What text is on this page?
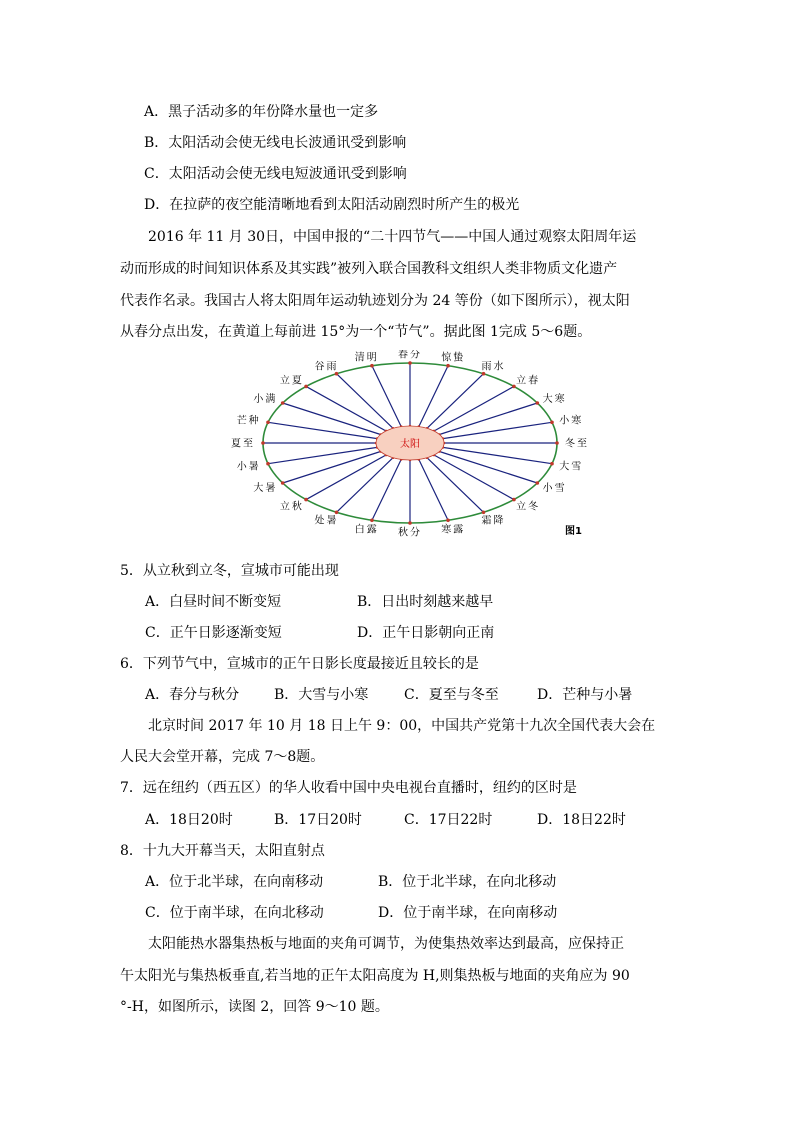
A．黑子活动多的年份降水量也一定多
B．太阳活动会使无线电长波通讯受到影响
C．太阳活动会使无线电短波通讯受到影响
D．在拉萨的夜空能清晰地看到太阳活动剧烈时所产生的极光
2016 年 11 月 30日，中国申报的“二十四节气——中国人通过观察太阳周年运
动而形成的时间知识体系及其实践”被列入联合国教科文组织人类非物质文化遗产
代表作名录。我国古人将太阳周年运动轨迹划分为 24 等份（如下图所示），视太阳
从春分点出发，在黄道上每前进 15°为一个“节气”。据此图 1完成 5～6题。
太阳
春分 惊蛰
雨水
立春
大寒
小寒
冬至
大雪
小雪
立冬
霜降
寒露
秋分
白露
处暑
立秋
大暑
小暑
夏至
芒种
小满
立夏
谷雨
清明
图1
5．从立秋到立冬，宣城市可能出现
A．白昼时间不断变短	B．日出时刻越来越早
C．正午日影逐渐变短	D．正午日影朝向正南
6．下列节气中，宣城市的正午日影长度最接近且较长的是
A．春分与秋分 B．大雪与小寒	C．夏至与冬至	D．芒种与小暑
北京时间 2017 年 10 月 18 日上午 9：00，中国共产党第十九次全国代表大会在
人民大会堂开幕，完成 7～8题。
7．远在纽约（西五区）的华人收看中国中央电视台直播时，纽约的区时是
A．18日20时	B．17日20时	C．17日22时	D．18日22时
8．十九大开幕当天，太阳直射点
A．位于北半球，在向南移动	B．位于北半球，在向北移动
C．位于南半球，在向北移动	D．位于南半球，在向南移动
太阳能热水器集热板与地面的夹角可调节，为使集热效率达到最高，应保持正
午太阳光与集热板垂直,若当地的正午太阳高度为 H,则集热板与地面的夹角应为 90
°-H，如图所示，读图 2，回答 9～10 题。
